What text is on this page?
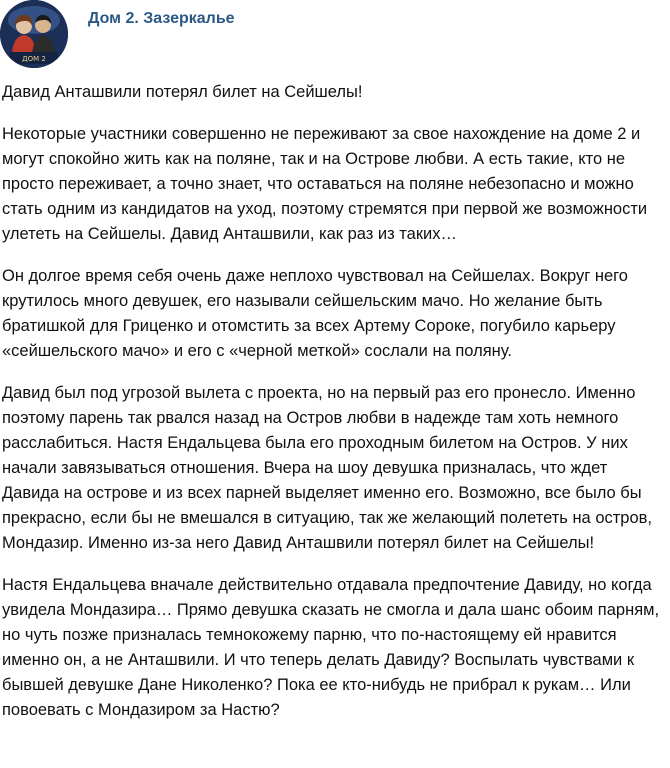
ДОМ 2
Дом 2. Зазеркалье

Давид Анташвили потерял билет на Сейшелы!

Некоторые участники совершенно не переживают за свое нахождение на доме 2 и могут спокойно жить как на поляне, так и на Острове любви. А есть такие, кто не просто переживает, а точно знает, что оставаться на поляне небезопасно и можно стать одним из кандидатов на уход, поэтому стремятся при первой же возможности улететь на Сейшелы. Давид Анташвили, как раз из таких…

Он долгое время себя очень даже неплохо чувствовал на Сейшелах. Вокруг него крутилось много девушек, его называли сейшельским мачо. Но желание быть братишкой для Гриценко и отомстить за всех Артему Сороке, погубило карьеру «сейшельского мачо» и его с «черной меткой» сослали на поляну.

Давид был под угрозой вылета с проекта, но на первый раз его пронесло. Именно поэтому парень так рвался назад на Остров любви в надежде там хоть немного расслабиться. Настя Ендальцева была его проходным билетом на Остров. У них начали завязываться отношения. Вчера на шоу девушка призналась, что ждет Давида на острове и из всех парней выделяет именно его. Возможно, все было бы прекрасно, если бы не вмешался в ситуацию, так же желающий полететь на остров, Мондазир. Именно из-за него Давид Анташвили потерял билет на Сейшелы!

Настя Ендальцева вначале действительно отдавала предпочтение Давиду, но когда увидела Мондазира… Прямо девушка сказать не смогла и дала шанс обоим парням, но чуть позже призналась темнокожему парню, что по-настоящему ей нравится именно он, а не Анташвили. И что теперь делать Давиду? Воспылать чувствами к бывшей девушке Дане Николенко? Пока ее кто-нибудь не прибрал к рукам… Или повоевать с Мондазиром за Настю?
